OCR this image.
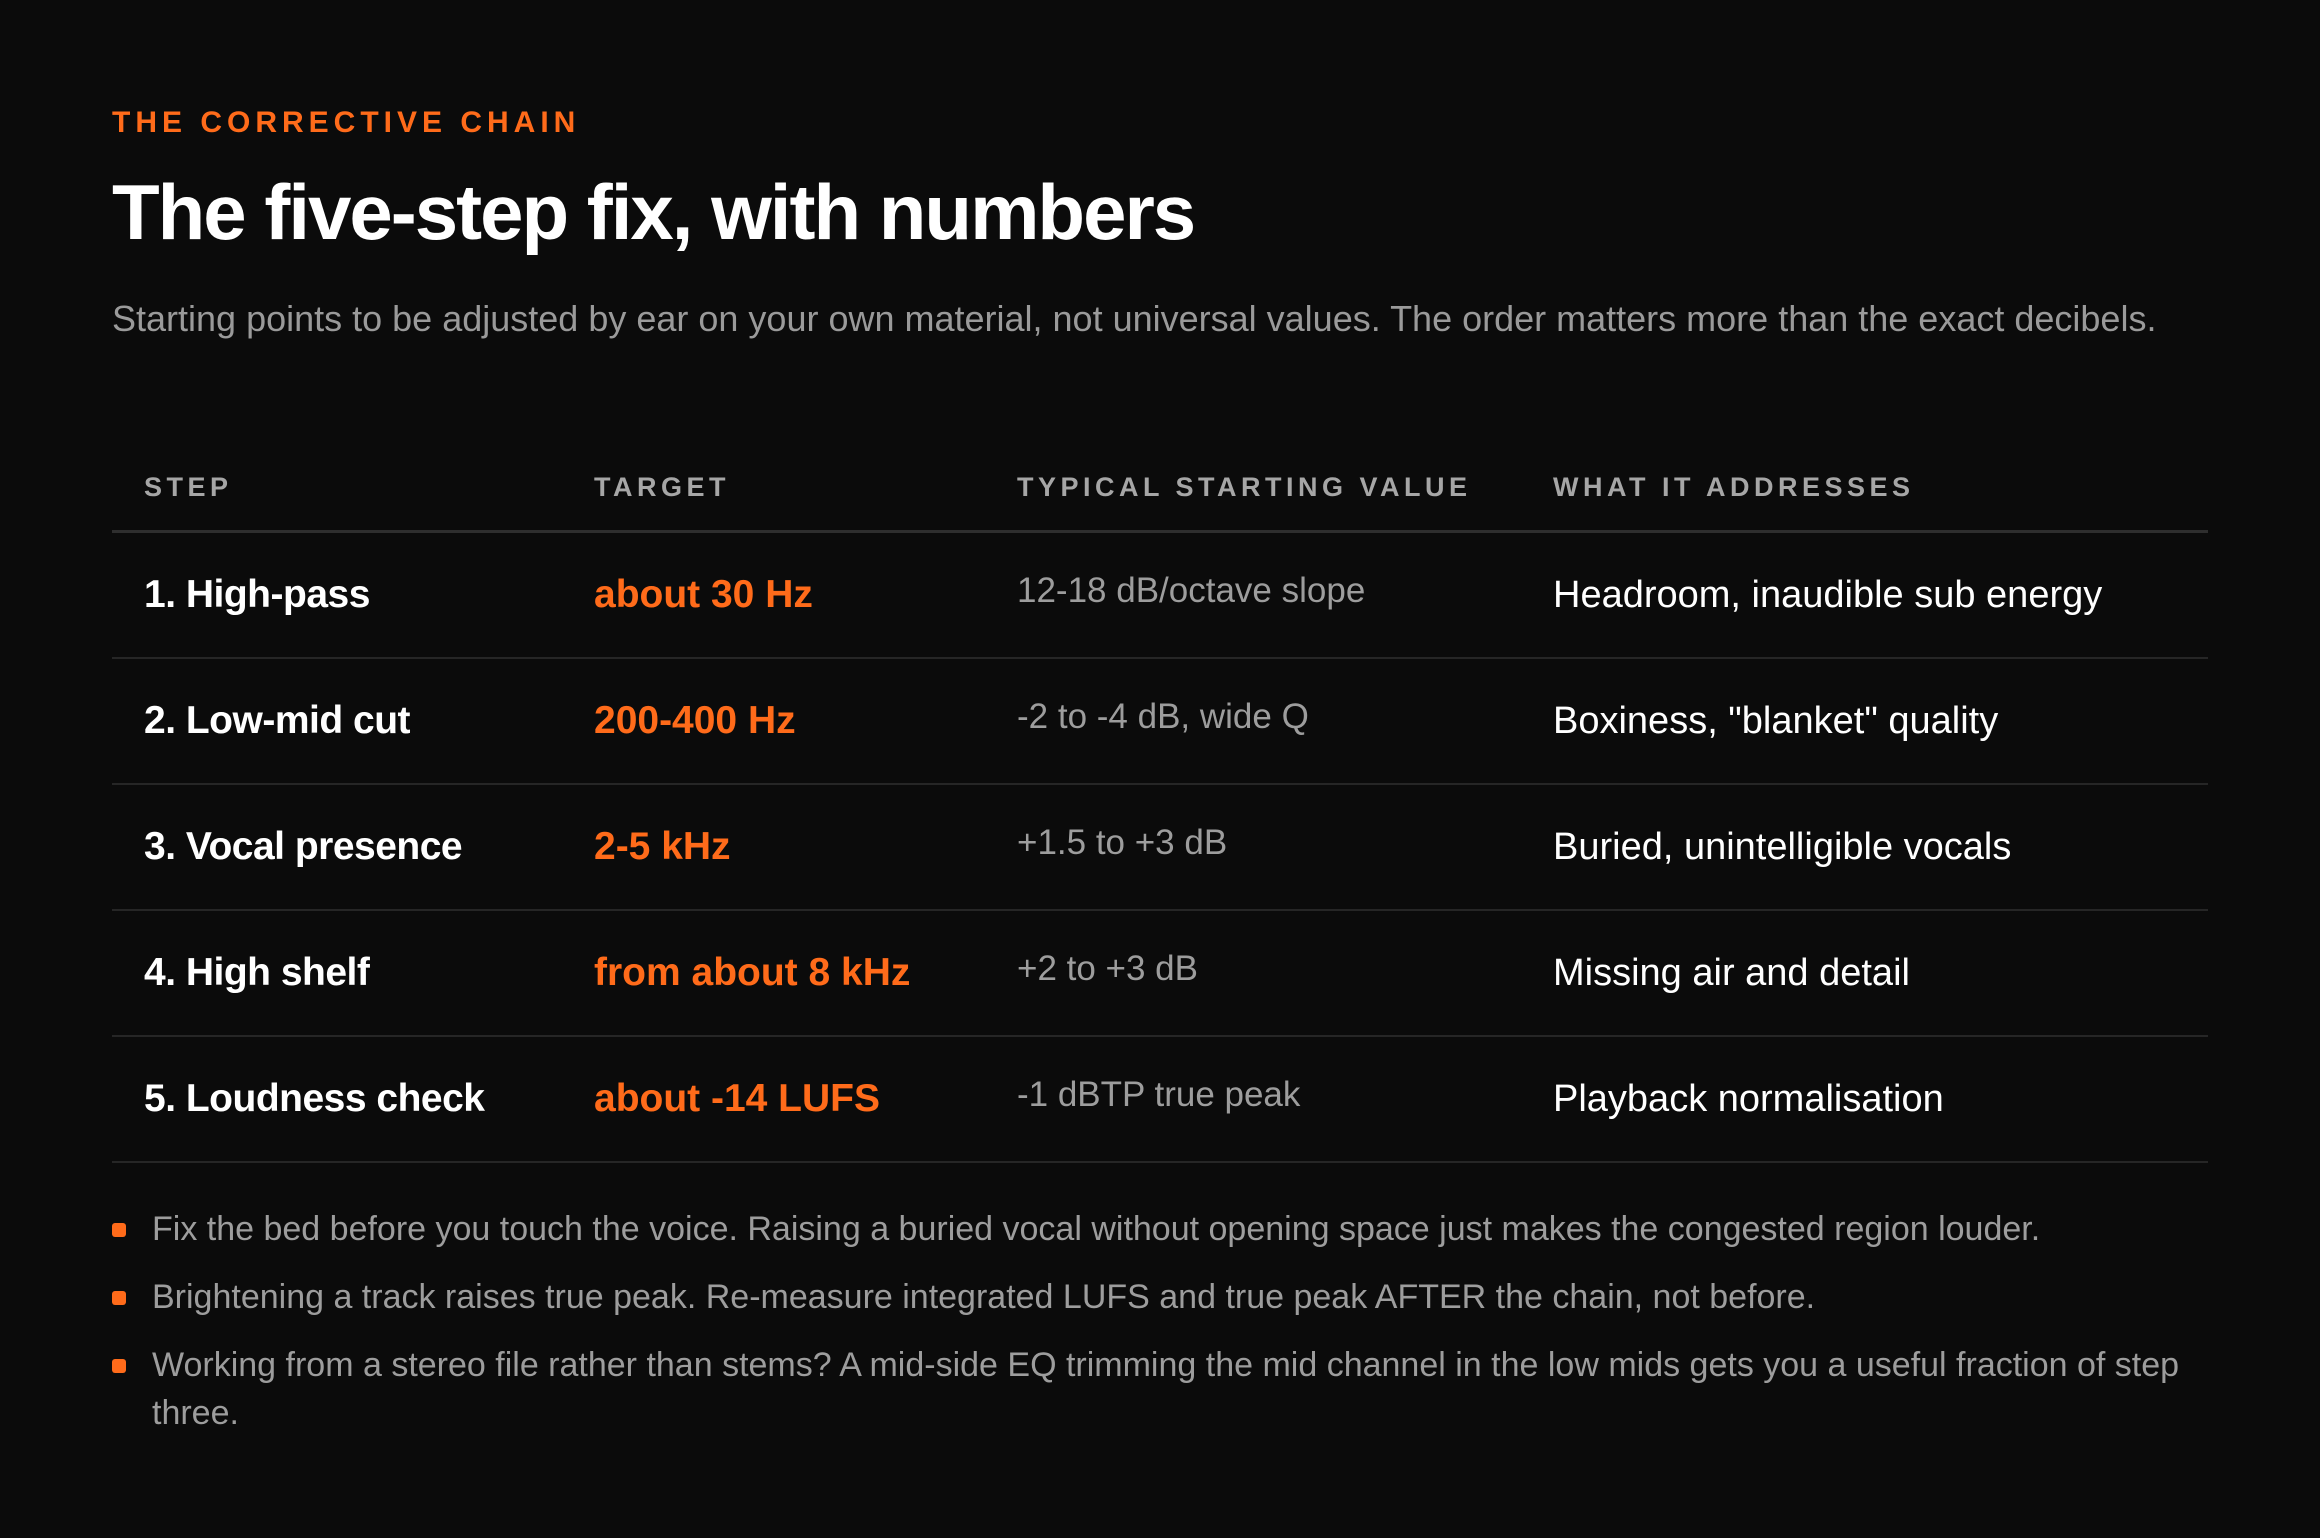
THE CORRECTIVE CHAIN
The five-step fix, with numbers

Starting points to be adjusted by ear on your own material, not universal values. The order matters more than the exact decibels.

STEP	TARGET	TYPICAL STARTING VALUE	WHAT IT ADDRESSES
1. High-pass	about 30 Hz	12-18 dB/octave slope	Headroom, inaudible sub energy
2. Low-mid cut	200-400 Hz	-2 to -4 dB, wide Q	Boxiness, "blanket" quality
3. Vocal presence	2-5 kHz	+1.5 to +3 dB	Buried, unintelligible vocals
4. High shelf	from about 8 kHz	+2 to +3 dB	Missing air and detail
5. Loudness check	about -14 LUFS	-1 dBTP true peak	Playback normalisation
Fix the bed before you touch the voice. Raising a buried vocal without opening space just makes the congested region louder.
Brightening a track raises true peak. Re-measure integrated LUFS and true peak AFTER the chain, not before.
Working from a stereo file rather than stems? A mid-side EQ trimming the mid channel in the low mids gets you a useful fraction of step three.
